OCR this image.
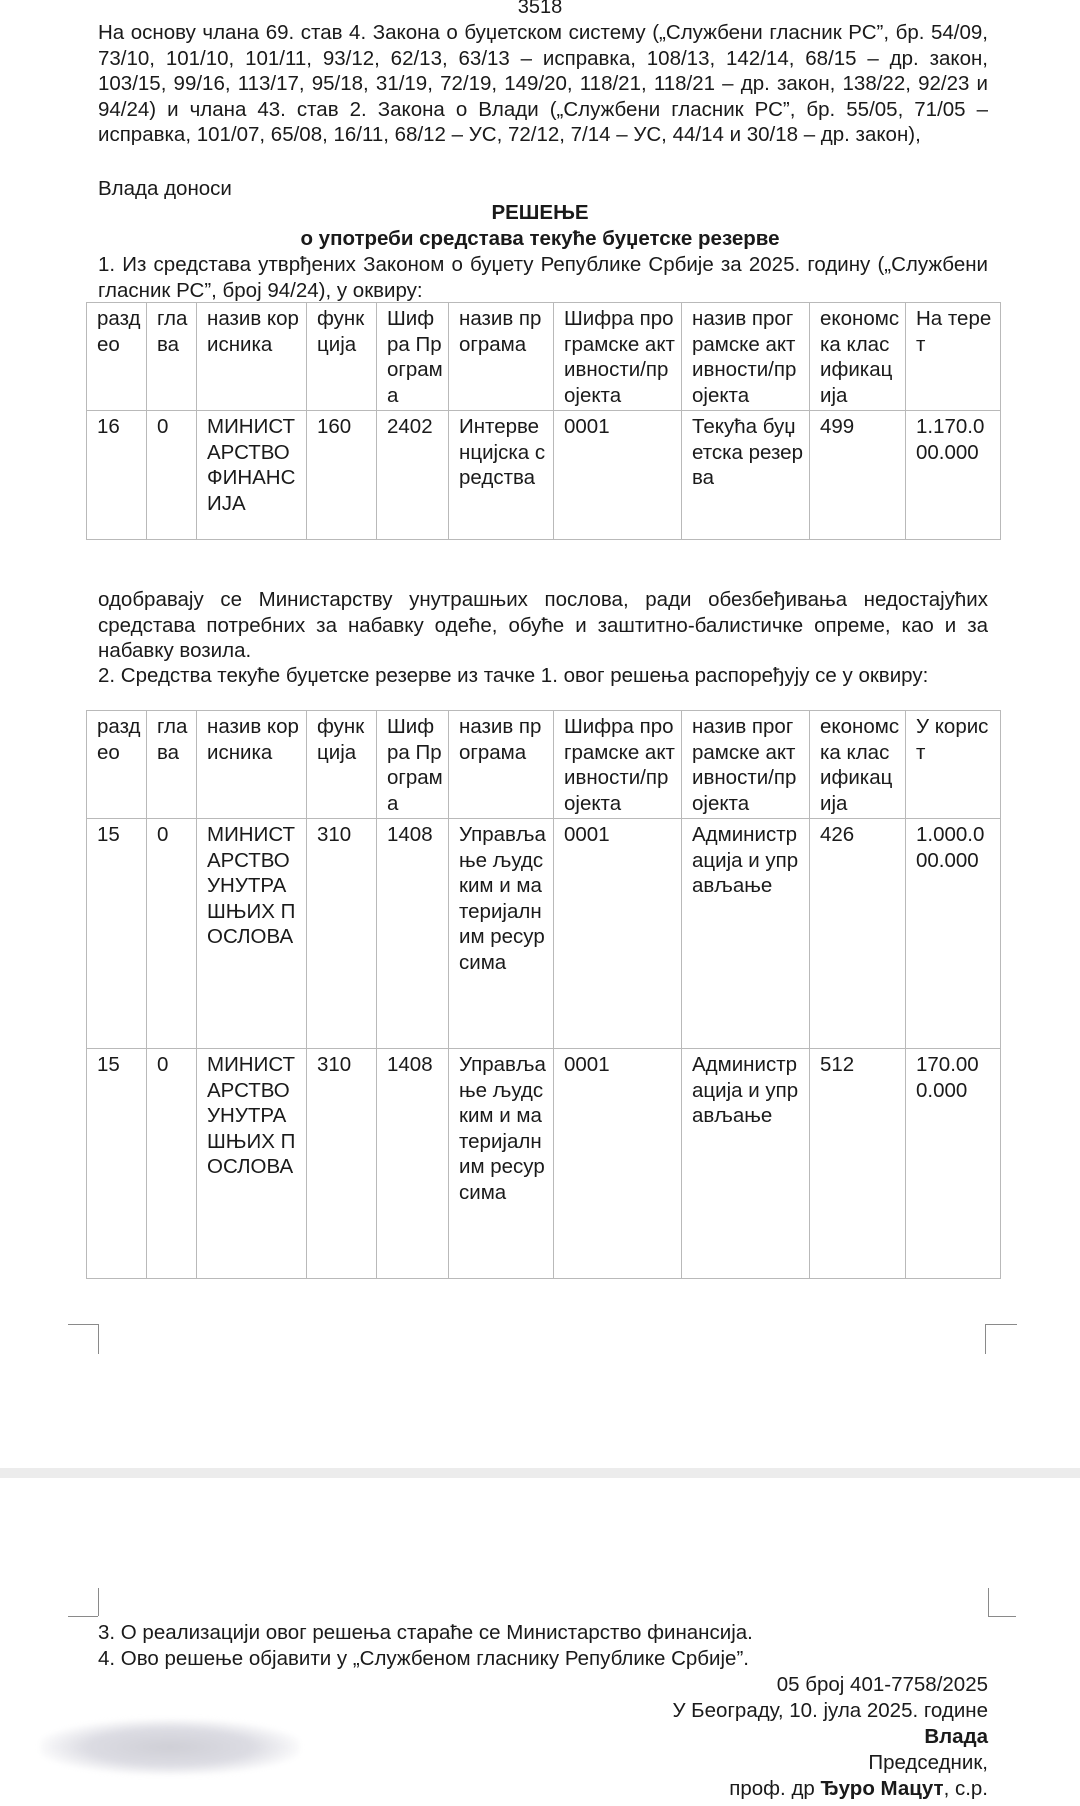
3518
На основу члана 69. став 4. Закона о буџетском систему („Службени гласник РС”, бр. 54/09, 73/10, 101/10, 101/11, 93/12, 62/13, 63/13 – исправка, 108/13, 142/14, 68/15 – др. закон, 103/15, 99/16, 113/17, 95/18, 31/19, 72/19, 149/20, 118/21, 118/21 – др. закон, 138/22, 92/23 и 94/24) и члана 43. став 2. Закона о Влади („Службени гласник РС”, бр. 55/05, 71/05 – исправка, 101/07, 65/08, 16/11, 68/12 – УС, 72/12, 7/14 – УС, 44/14 и 30/18 – др. закон),
Влада доноси
РЕШЕЊЕ
о употреби средстава текуће буџетске резерве
1. Из средстава утврђених Законом о буџету Републике Србије за 2025. годину („Службени гласник РС”, број 94/24), у оквиру:
раздео	глава	назив корисника	функција	Шифра Програма	назив програма	Шифра програмске активности/пројекта	назив програмске активности/пројекта	економска класификација	На терет
16	0	МИНИСТАРСТВО ФИНАНСИЈА	160	2402	Интервенцијска средства	0001	Текућа буџетска резерва	499	1.170.000.000
одобравају се Министарству унутрашњих послова, ради обезбеђивања недостајућих средстава потребних за набавку одеће, обуће и заштитно-балистичке опреме, као и за набавку возила.
2. Средства текуће буџетске резерве из тачке 1. овог решења распоређују се у оквиру:
раздео	глава	назив корисника	функција	Шифра Програма	назив програма	Шифра програмске активности/пројекта	назив програмске активности/пројекта	економска класификација	У корист
15	0	МИНИСТАРСТВО УНУТРАШЊИХ ПОСЛОВА	310	1408	Управљање људским и материјалним ресурсима	0001	Администрација и управљање	426	1.000.000.000
15	0	МИНИСТАРСТВО УНУТРАШЊИХ ПОСЛОВА	310	1408	Управљање људским и материјалним ресурсима	0001	Администрација и управљање	512	170.000.000
3. О реализацији овог решења стараће се Министарство финансија.
4. Ово решење објавити у „Службеном гласнику Републике Србије”.
05 број 401-7758/2025
У Београду, 10. јула 2025. године
Влада
Председник,
проф. др Ђуро Мацут, с.р.
